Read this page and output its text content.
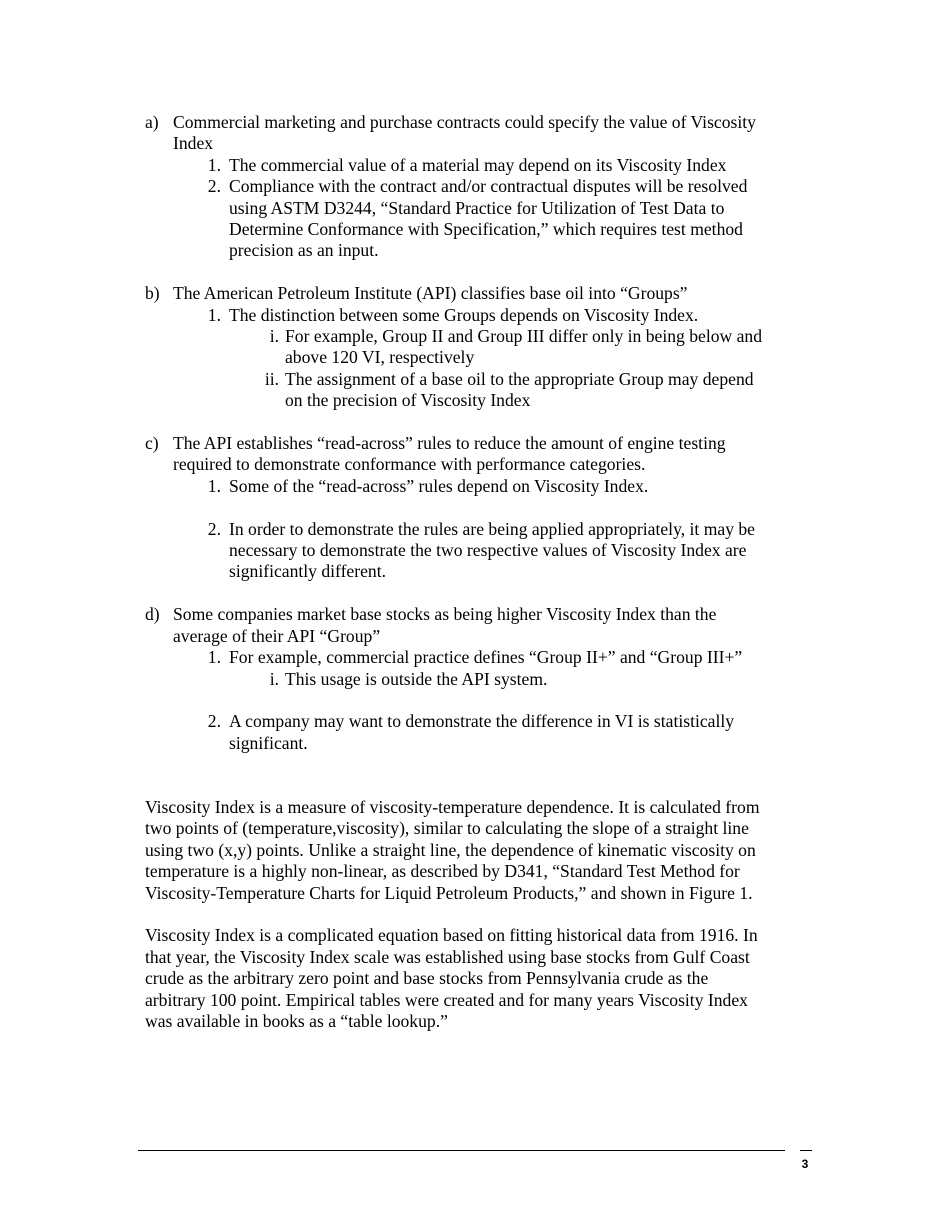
a) Commercial marketing and purchase contracts could specify the value of Viscosity Index
1. The commercial value of a material may depend on its Viscosity Index
2. Compliance with the contract and/or contractual disputes will be resolved using ASTM D3244, “Standard Practice for Utilization of Test Data to Determine Conformance with Specification,” which requires test method precision as an input.
b) The American Petroleum Institute (API) classifies base oil into “Groups”
1. The distinction between some Groups depends on Viscosity Index.
i. For example, Group II and Group III differ only in being below and above 120 VI, respectively
ii. The assignment of a base oil to the appropriate Group may depend on the precision of Viscosity Index
c) The API establishes “read-across” rules to reduce the amount of engine testing required to demonstrate conformance with performance categories.
1. Some of the “read-across” rules depend on Viscosity Index.
2. In order to demonstrate the rules are being applied appropriately, it may be necessary to demonstrate the two respective values of Viscosity Index are significantly different.
d) Some companies market base stocks as being higher Viscosity Index than the average of their API “Group”
1. For example, commercial practice defines “Group II+” and “Group III+”
i. This usage is outside the API system.
2. A company may want to demonstrate the difference in VI is statistically significant.

Viscosity Index is a measure of viscosity-temperature dependence. It is calculated from two points of (temperature,viscosity), similar to calculating the slope of a straight line using two (x,y) points. Unlike a straight line, the dependence of kinematic viscosity on temperature is a highly non-linear, as described by D341, “Standard Test Method for Viscosity-Temperature Charts for Liquid Petroleum Products,” and shown in Figure 1.

Viscosity Index is a complicated equation based on fitting historical data from 1916. In that year, the Viscosity Index scale was established using base stocks from Gulf Coast crude as the arbitrary zero point and base stocks from Pennsylvania crude as the arbitrary 100 point. Empirical tables were created and for many years Viscosity Index was available in books as a “table lookup.”

3
